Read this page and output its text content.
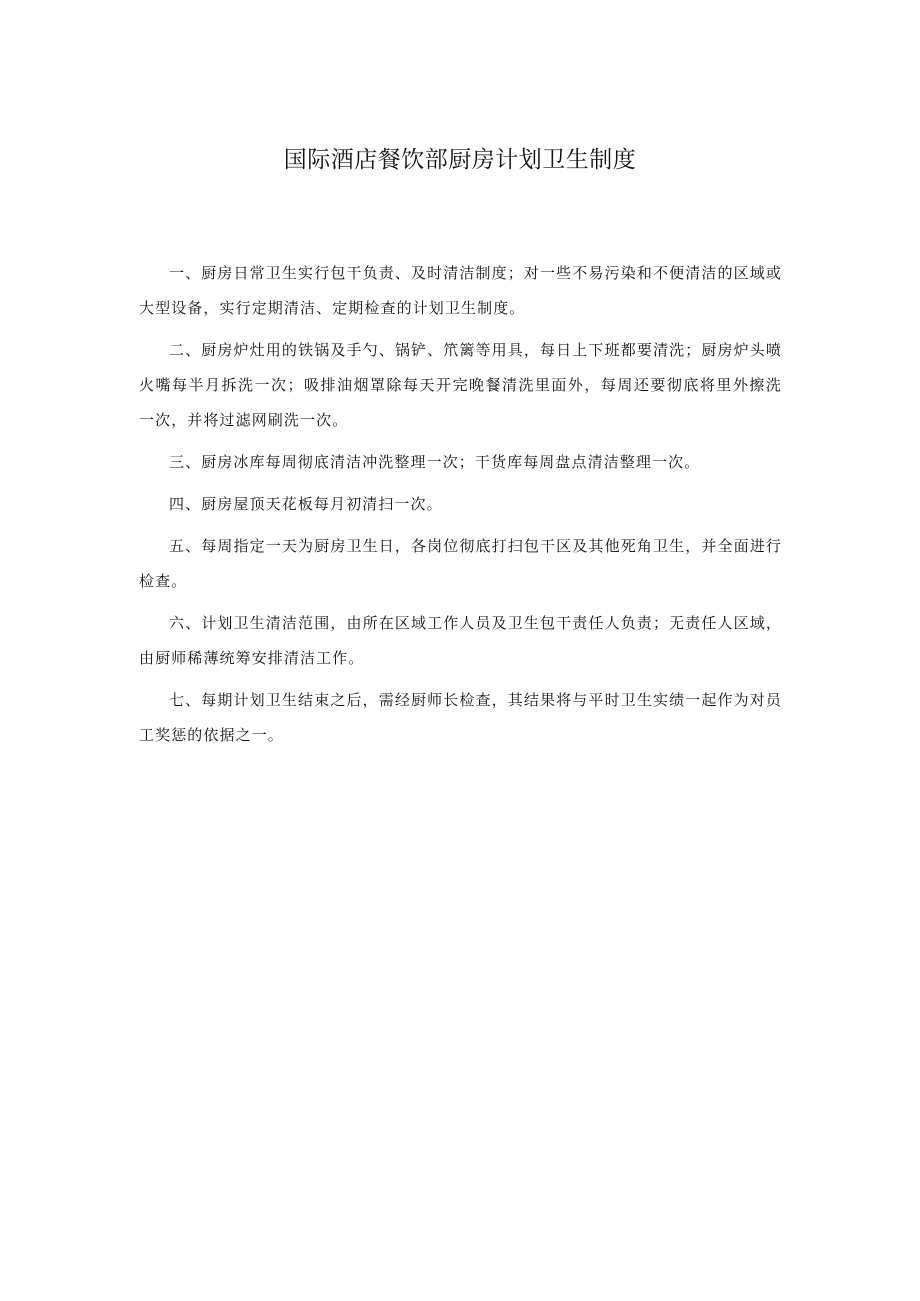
国际酒店餐饮部厨房计划卫生制度

一、厨房日常卫生实行包干负责、及时清洁制度；对一些不易污染和不便清洁的区域或大型设备，实行定期清洁、定期检查的计划卫生制度。

二、厨房炉灶用的铁锅及手勺、锅铲、笊篱等用具，每日上下班都要清洗；厨房炉头喷火嘴每半月拆洗一次；吸排油烟罩除每天开完晚餐清洗里面外，每周还要彻底将里外擦洗一次，并将过滤网刷洗一次。

三、厨房冰库每周彻底清洁冲洗整理一次；干货库每周盘点清洁整理一次。

四、厨房屋顶天花板每月初清扫一次。

五、每周指定一天为厨房卫生日，各岗位彻底打扫包干区及其他死角卫生，并全面进行检查。

六、计划卫生清洁范围，由所在区域工作人员及卫生包干责任人负责；无责任人区域，由厨师稀薄统筹安排清洁工作。

七、每期计划卫生结束之后，需经厨师长检查，其结果将与平时卫生实绩一起作为对员工奖惩的依据之一。
